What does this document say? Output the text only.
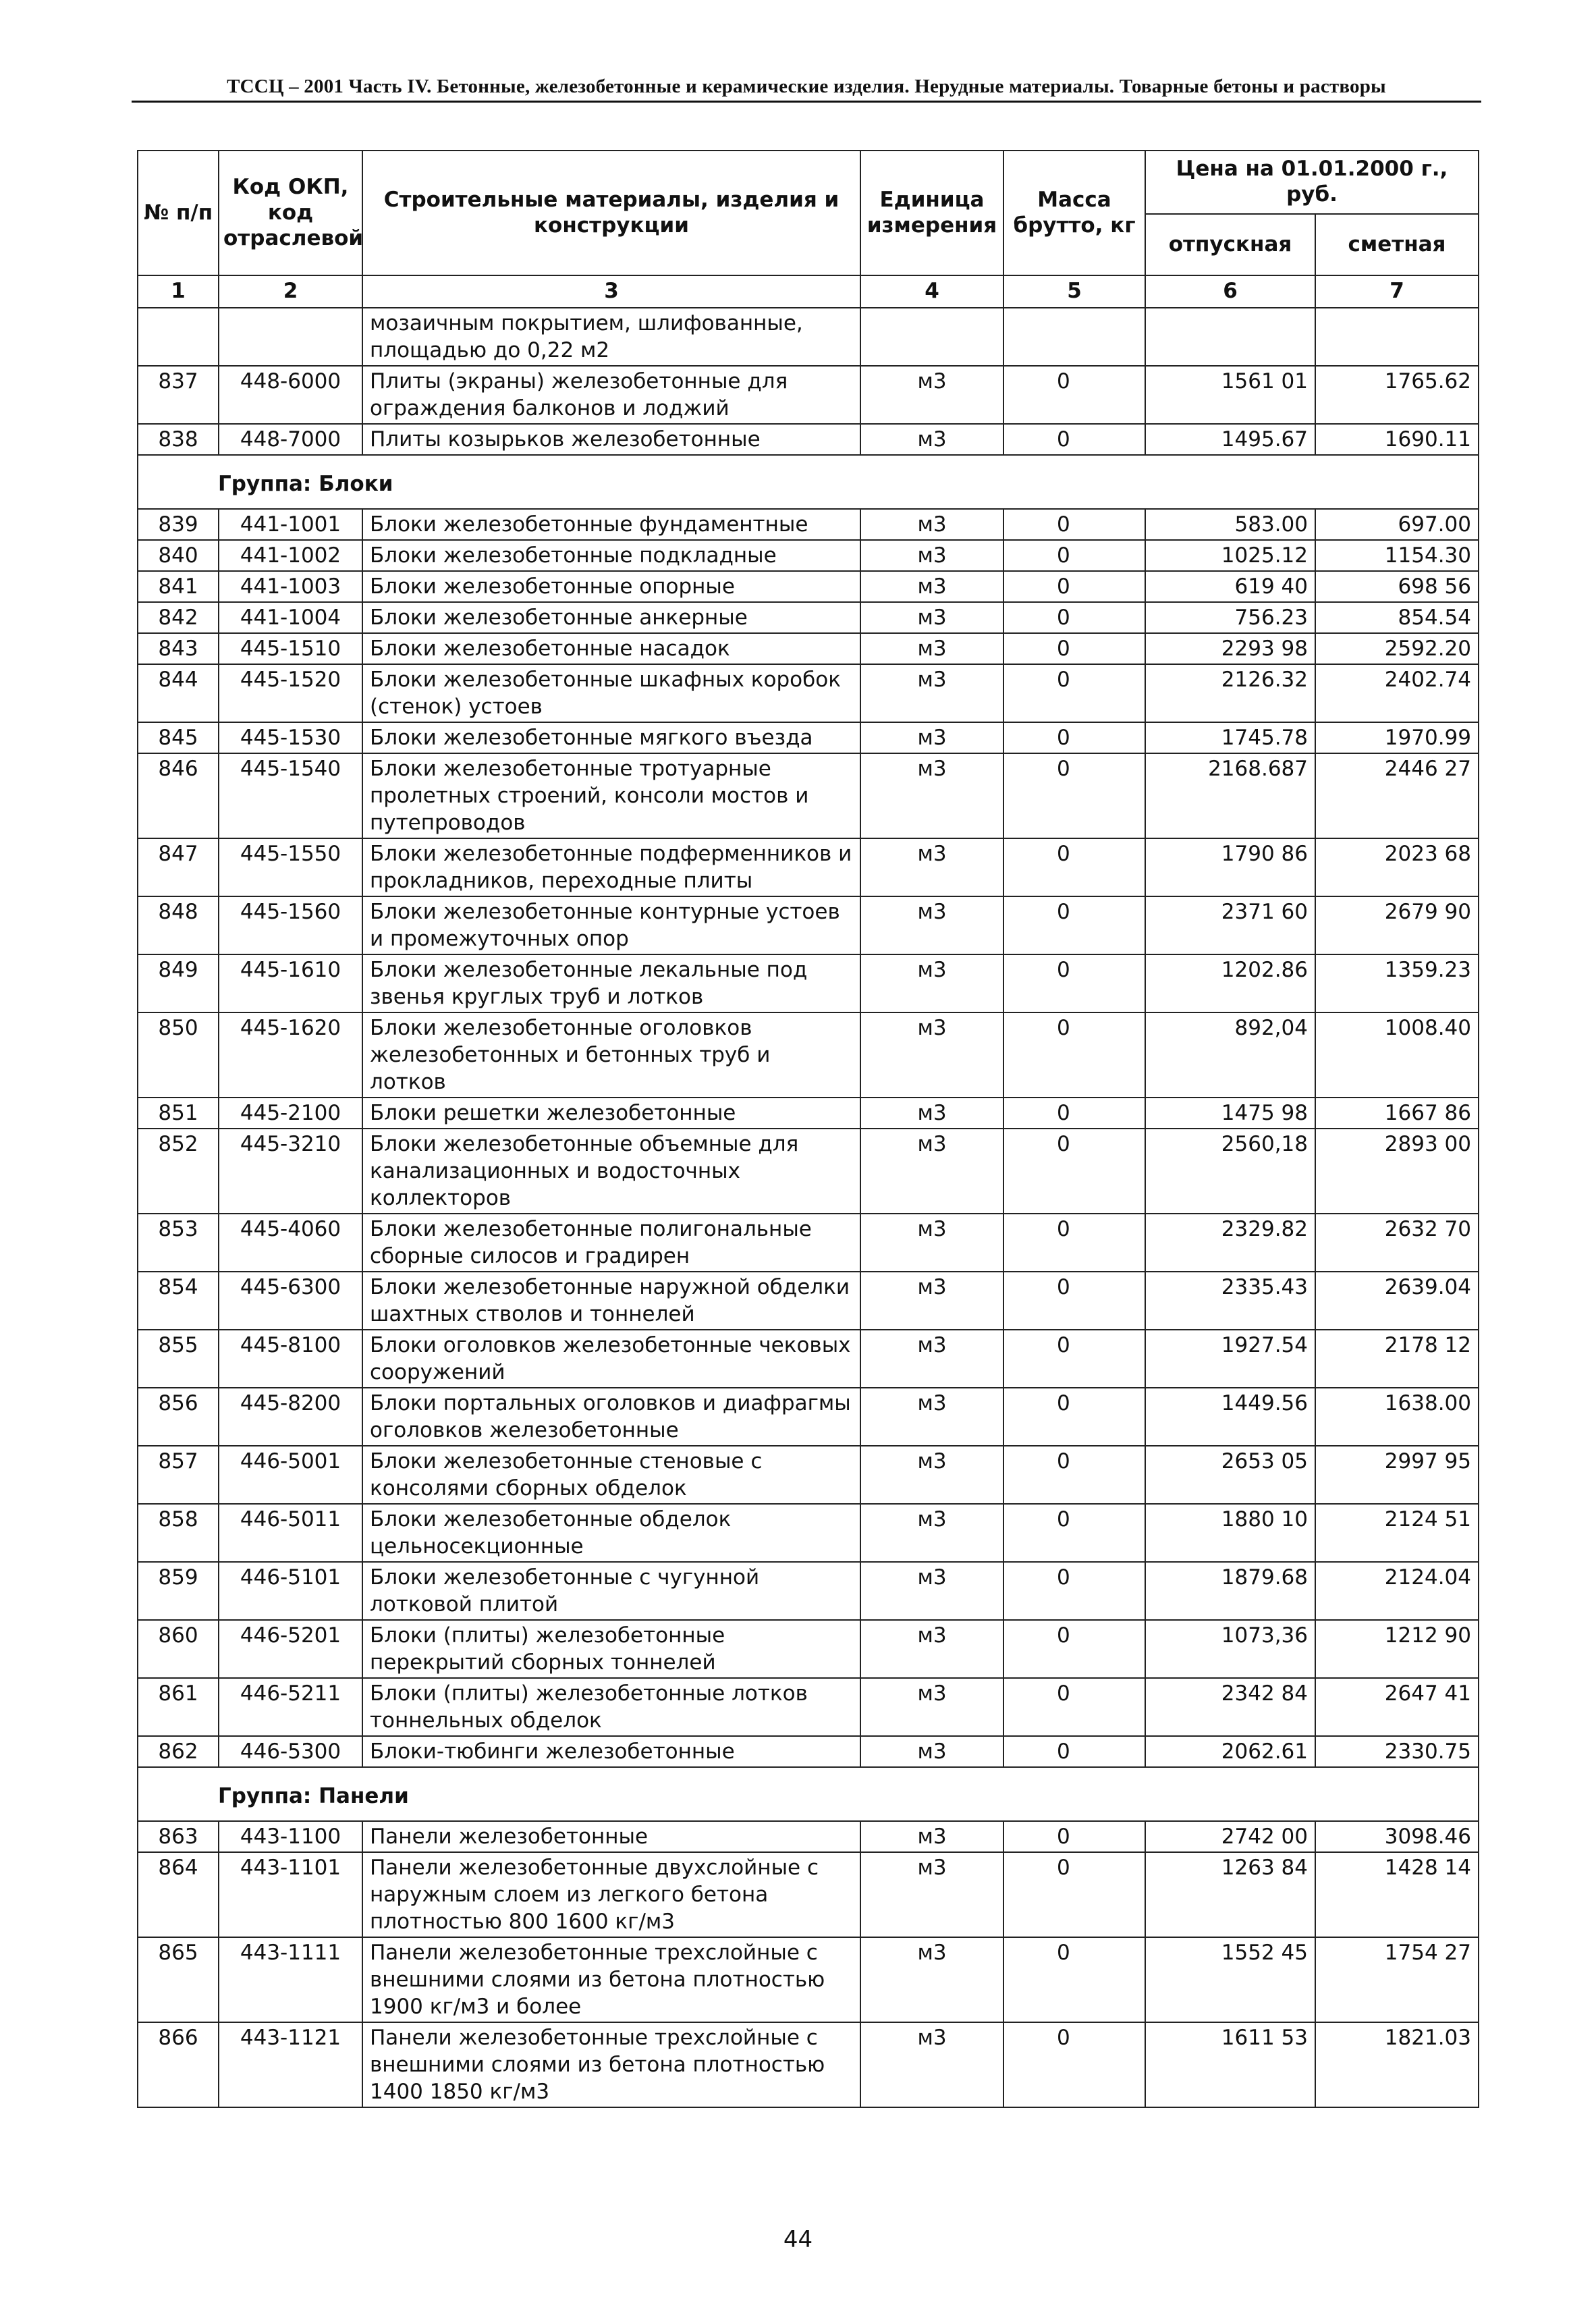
ТССЦ – 2001 Часть IV. Бетонные, железобетонные и керамические изделия. Нерудные материалы. Товарные бетоны и растворы
№ п/п	Код ОКП, код отраслевой	Строительные материалы, изделия и конструкции	Единица измерения	Масса брутто, кг	Цена на 01.01.2000 г., руб.	
					отпускная	сметная
1	2	3	4	5	6	7
		мозаичным покрытием, шлифованные, площадью до 0,22 м2				
837	448-6000	Плиты (экраны) железобетонные для ограждения балконов и лоджий	м3	0	1561 01	1765.62
838	448-7000	Плиты козырьков железобетонные	м3	0	1495.67	1690.11
Группа: Блоки						
839	441-1001	Блоки железобетонные фундаментные	м3	0	583.00	697.00
840	441-1002	Блоки железобетонные подкладные	м3	0	1025.12	1154.30
841	441-1003	Блоки железобетонные опорные	м3	0	619 40	698 56
842	441-1004	Блоки железобетонные анкерные	м3	0	756.23	854.54
843	445-1510	Блоки железобетонные насадок	м3	0	2293 98	2592.20
844	445-1520	Блоки железобетонные шкафных коробок (стенок) устоев	м3	0	2126.32	2402.74
845	445-1530	Блоки железобетонные мягкого въезда	м3	0	1745.78	1970.99
846	445-1540	Блоки железобетонные тротуарные пролетных строений, консоли мостов и путепроводов	м3	0	2168.687	2446 27
847	445-1550	Блоки железобетонные подферменников и прокладников, переходные плиты	м3	0	1790 86	2023 68
848	445-1560	Блоки железобетонные контурные устоев и промежуточных опор	м3	0	2371 60	2679 90
849	445-1610	Блоки железобетонные лекальные под звенья круглых труб и лотков	м3	0	1202.86	1359.23
850	445-1620	Блоки железобетонные оголовков железобетонных и бетонных труб и лотков	м3	0	892,04	1008.40
851	445-2100	Блоки решетки железобетонные	м3	0	1475 98	1667 86
852	445-3210	Блоки железобетонные объемные для канализационных и водосточных коллекторов	м3	0	2560,18	2893 00
853	445-4060	Блоки железобетонные полигональные сборные силосов и градирен	м3	0	2329.82	2632 70
854	445-6300	Блоки железобетонные наружной обделки шахтных стволов и тоннелей	м3	0	2335.43	2639.04
855	445-8100	Блоки оголовков железобетонные чековых сооружений	м3	0	1927.54	2178 12
856	445-8200	Блоки портальных оголовков и диафрагмы оголовков железобетонные	м3	0	1449.56	1638.00
857	446-5001	Блоки железобетонные стеновые с консолями сборных обделок	м3	0	2653 05	2997 95
858	446-5011	Блоки железобетонные обделок цельносекционные	м3	0	1880 10	2124 51
859	446-5101	Блоки железобетонные с чугунной лотковой плитой	м3	0	1879.68	2124.04
860	446-5201	Блоки (плиты) железобетонные перекрытий сборных тоннелей	м3	0	1073,36	1212 90
861	446-5211	Блоки (плиты) железобетонные лотков тоннельных обделок	м3	0	2342 84	2647 41
862	446-5300	Блоки-тюбинги железобетонные	м3	0	2062.61	2330.75
Группа: Панели						
863	443-1100	Панели железобетонные	м3	0	2742 00	3098.46
864	443-1101	Панели железобетонные двухслойные с наружным слоем из легкого бетона плотностью 800 1600 кг/м3	м3	0	1263 84	1428 14
865	443-1111	Панели железобетонные трехслойные с внешними слоями из бетона плотностью 1900 кг/м3 и более	м3	0	1552 45	1754 27
866	443-1121	Панели железобетонные трехслойные с внешними слоями из бетона плотностью 1400 1850 кг/м3	м3	0	1611 53	1821.03
44
